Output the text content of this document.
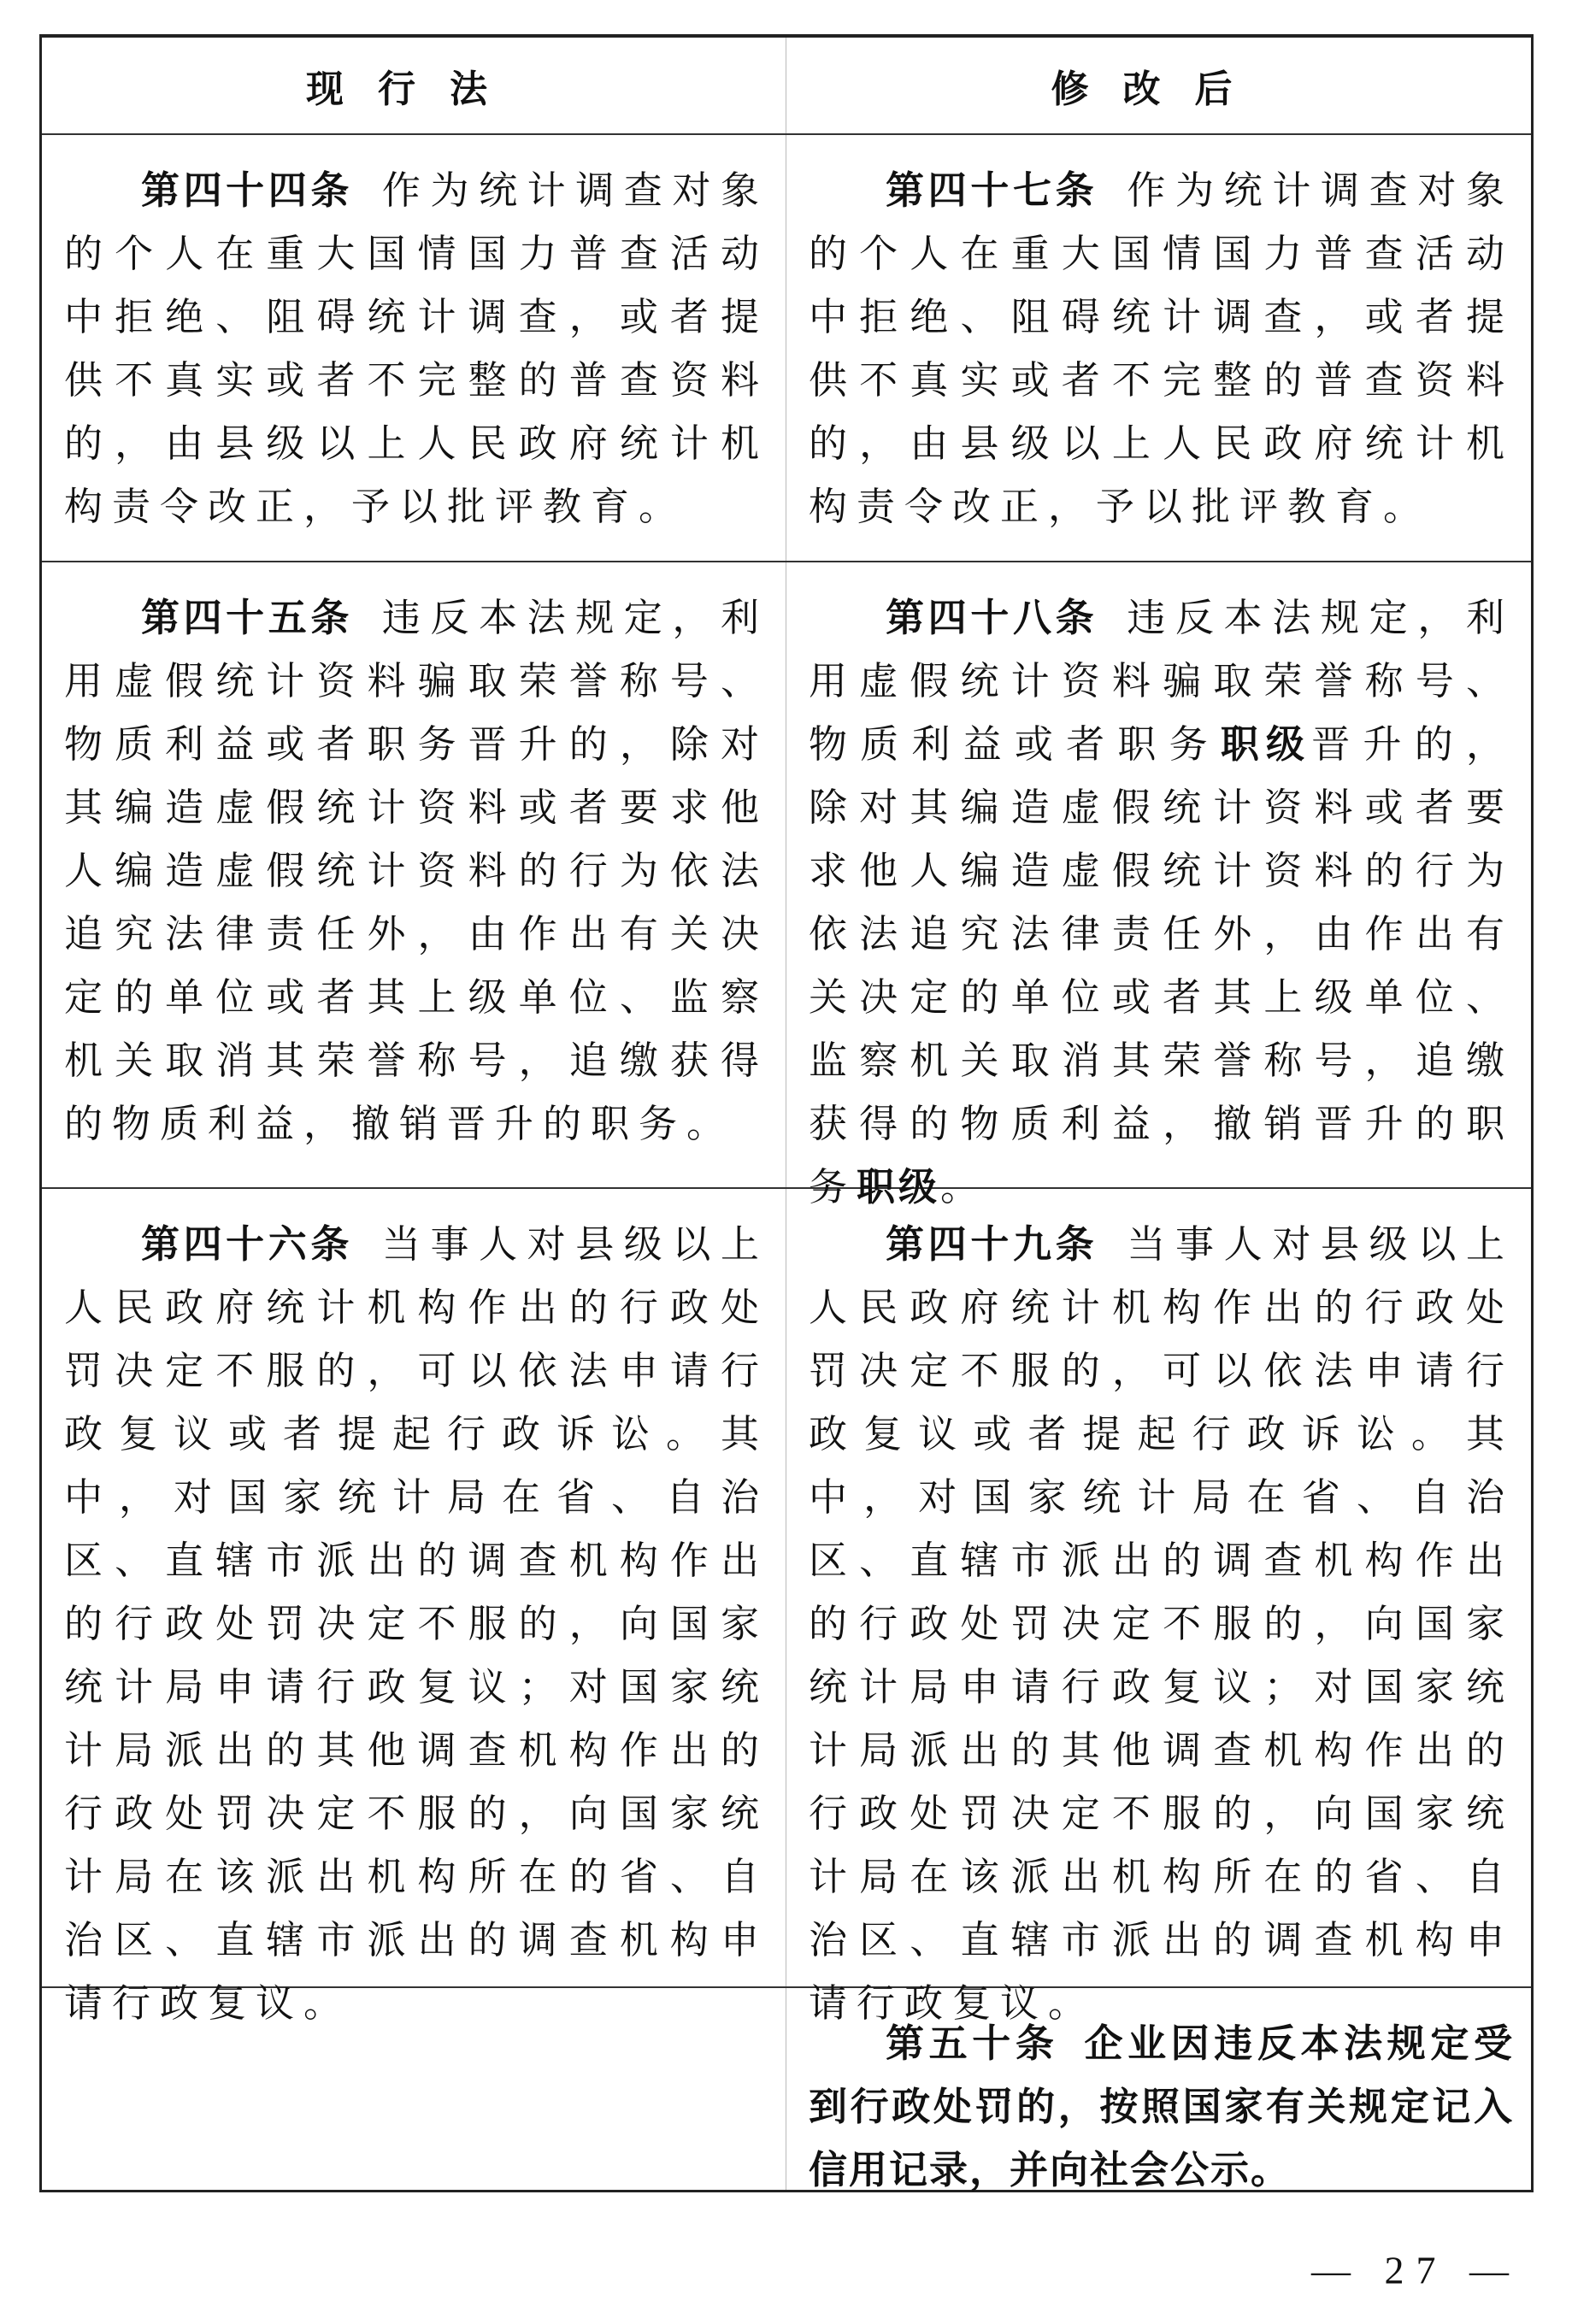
现行法	修改后

第四十四条 作为统计调查对象的个人在重大国情国力普查活动中拒绝、阻碍统计调查，或者提供不真实或者不完整的普查资料的，由县级以上人民政府统计机构责令改正，予以批评教育。

第四十七条 作为统计调查对象的个人在重大国情国力普查活动中拒绝、阻碍统计调查，或者提供不真实或者不完整的普查资料的，由县级以上人民政府统计机构责令改正，予以批评教育。

第四十五条 违反本法规定，利用虚假统计资料骗取荣誉称号、物质利益或者职务晋升的，除对其编造虚假统计资料或者要求他人编造虚假统计资料的行为依法追究法律责任外，由作出有关决定的单位或者其上级单位、监察机关取消其荣誉称号，追缴获得的物质利益，撤销晋升的职务。

第四十八条 违反本法规定，利用虚假统计资料骗取荣誉称号、物质利益或者职务职级晋升的，除对其编造虚假统计资料或者要求他人编造虚假统计资料的行为依法追究法律责任外，由作出有关决定的单位或者其上级单位、监察机关取消其荣誉称号，追缴获得的物质利益，撤销晋升的职务职级。

第四十六条 当事人对县级以上人民政府统计机构作出的行政处罚决定不服的，可以依法申请行政复议或者提起行政诉讼。其中，对国家统计局在省、自治区、直辖市派出的调查机构作出的行政处罚决定不服的，向国家统计局申请行政复议；对国家统计局派出的其他调查机构作出的行政处罚决定不服的，向国家统计局在该派出机构所在的省、自治区、直辖市派出的调查机构申请行政复议。

第四十九条 当事人对县级以上人民政府统计机构作出的行政处罚决定不服的，可以依法申请行政复议或者提起行政诉讼。其中，对国家统计局在省、自治区、直辖市派出的调查机构作出的行政处罚决定不服的，向国家统计局申请行政复议；对国家统计局派出的其他调查机构作出的行政处罚决定不服的，向国家统计局在该派出机构所在的省、自治区、直辖市派出的调查机构申请行政复议。

第五十条 企业因违反本法规定受到行政处罚的，按照国家有关规定记入信用记录，并向社会公示。

— 27 —
